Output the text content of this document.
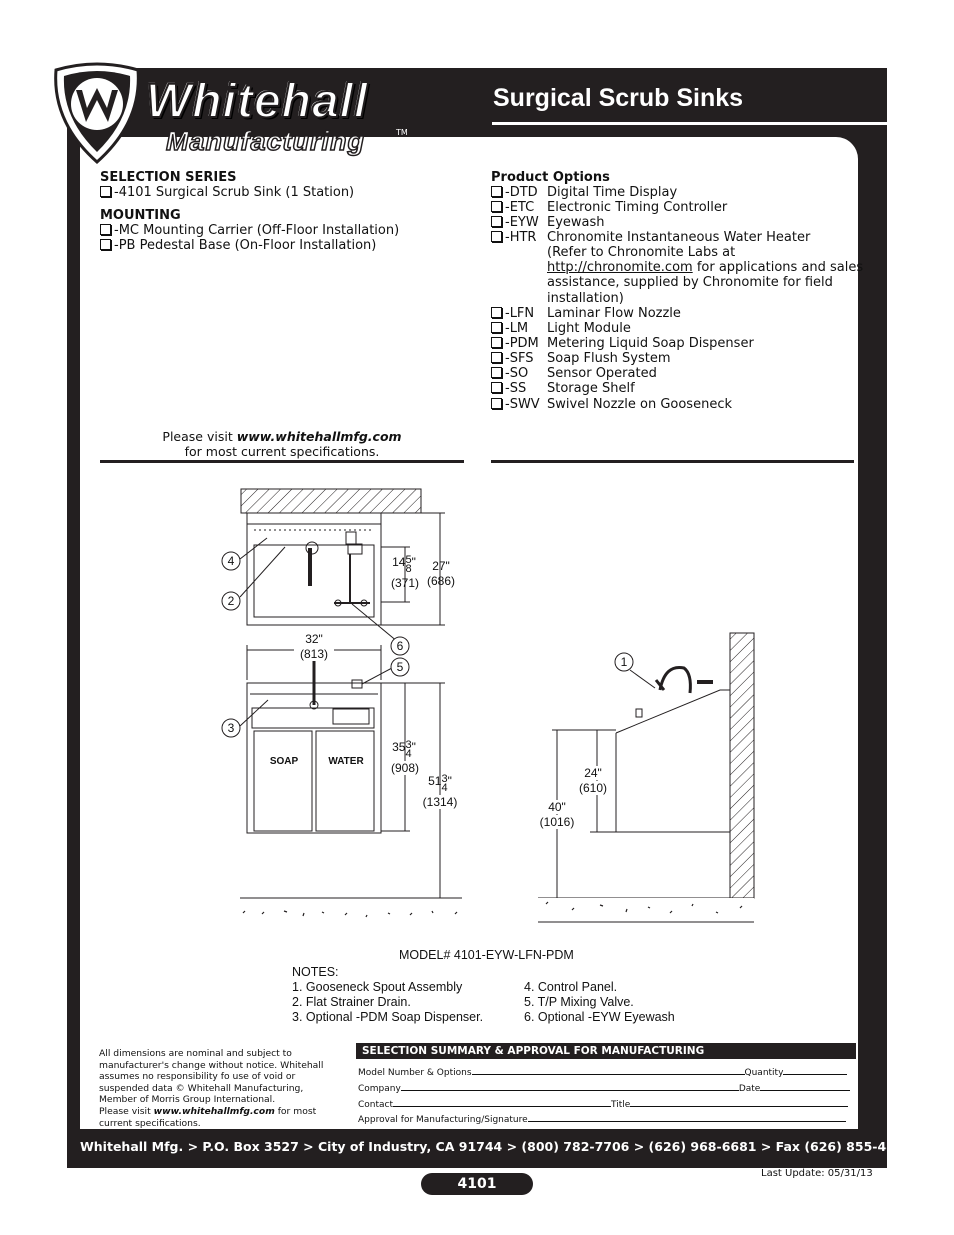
Whitehall
Manufacturing	TM
Surgical Scrub Sinks
SELECTION SERIES
-4101 Surgical Scrub Sink (1 Station)
MOUNTING
-MC Mounting Carrier (Off-Floor Installation)
-PB Pedestal Base (On-Floor Installation)
Product Options
-DTD Digital Time Display
-ETC Electronic Timing Controller
-EYW Eyewash
-HTR Chronomite Instantaneous Water Heater
-LFN Laminar Flow Nozzle
-LM Light Module
-PDM Metering Liquid Soap Dispenser
-SFS Soap Flush System
-SO Sensor Operated
-SS Storage Shelf
-SWV Swivel Nozzle on Gooseneck
(Refer to Chronomite Labs at
http://chronomite.com for applications and sales
assistance, supplied by Chronomite for field
installation)
Please visit www.whitehallmfg.com
for most current specifications.
4
2
3
6
5	1
145
8"
(371)
27"
(686)
32"
(813)
353
4"
(908)
513
4"
(1314)
24"
(610)
40"
(1016)
SOAP	WATER
MODEL# 4101-EYW-LFN-PDM
NOTES:
1. Gooseneck Spout Assembly
2. Flat Strainer Drain.
3. Optional -PDM Soap Dispenser.
4. Control Panel.
5. T/P Mixing Valve.
6. Optional -EYW Eyewash
All dimensions are nominal and subject to manufacturer's change without notice. Whitehall assumes no responsibility fo use of void or suspended data © Whitehall Manufacturing, Member of Morris Group International.
Please visit www.whitehallmfg.com for most current specifications.
SELECTION SUMMARY & APPROVAL FOR MANUFACTURING
Model Number & Options	Quantity
Company	Date
Contact	Title
Approval for Manufacturing/Signature
Whitehall Mfg. > P.O. Box 3527 > City of Industry, CA 91744 > (800) 782-7706 > (626) 968-6681 > Fax (626) 855-4862
4101
Last Update: 05/31/13
